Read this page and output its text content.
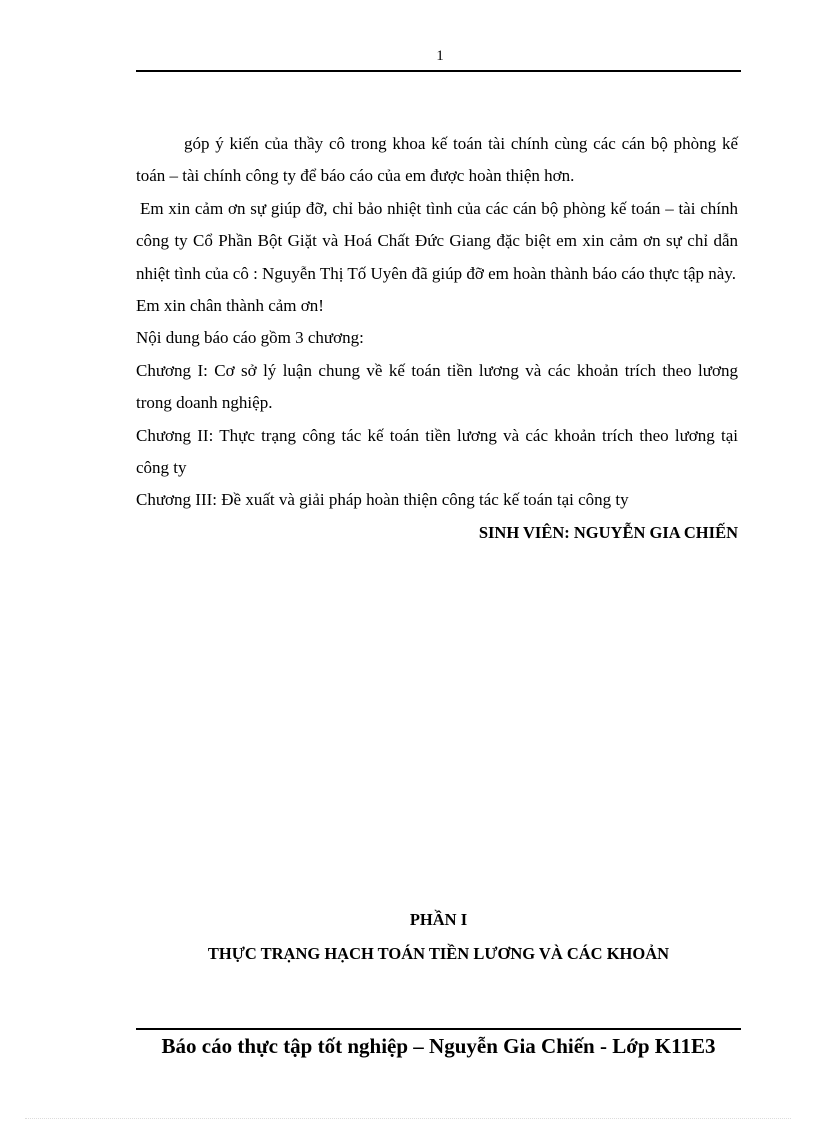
1

góp ý kiến của thầy cô trong khoa kế toán tài chính cùng các cán bộ phòng kế toán – tài chính công ty để báo cáo của em được hoàn thiện hơn.

Em xin cảm ơn sự giúp đỡ, chỉ bảo nhiệt tình của các cán bộ phòng kế toán – tài chính công ty Cổ Phần Bột Giặt và Hoá Chất Đức Giang đặc biệt em xin cảm ơn sự chỉ dẫn nhiệt tình của cô : Nguyễn Thị Tố Uyên đã giúp đỡ em hoàn thành báo cáo thực tập này.

Em xin chân thành cảm ơn!

Nội dung báo cáo gồm 3 chương:

Chương I: Cơ sở lý luận chung về kế toán tiền lương và các khoản trích theo lương trong doanh nghiệp.

Chương II: Thực trạng công tác kế toán tiền lương và các khoản trích theo lương tại công ty

Chương III: Đề xuất và giải pháp hoàn thiện công tác kế toán tại công ty

SINH VIÊN: NGUYỄN GIA CHIẾN

PHẦN I
THỰC TRẠNG HẠCH TOÁN TIỀN LƯƠNG VÀ CÁC KHOẢN
Báo cáo thực tập tốt nghiệp – Nguyễn Gia Chiến - Lớp K11E3
